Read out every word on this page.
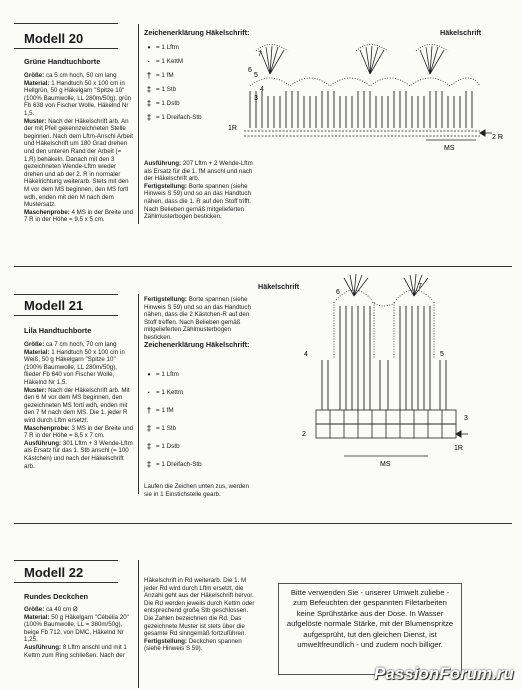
Modell 20
Grüne Handtuchborte
Größe: ca 5 cm hoch, 50 cm lang
Material: 1 Handtuch 50 x 100 cm in Hellgrün, 50 g Häkelgarn "Spitze 10" (100% Baumwolle, LL 280m/50g), grün Fb 638 von Fischer Wolle, Häkelnd Nr 1,5.
Muster: Nach der Häkelschrift arb. An der mit Pfeil gekennzeichneten Stelle beginnen. Nach dem Lftm-Anschl Arbeit und Häkelschrift um 180 Grad drehen und den unteren Rand der Arbeit (= 1.R) behäkeln. Danach mit den 3 gezeichneten Wende-Lftm wieder drehen und ab der 2. R in normaler Häkelrichtung weiterarb. Stets mit den M vor dem MS beginnen, den MS fortl wdh, enden mit den M nach dem Mustersatz.
Maschenprobe: 4 MS in der Breite und 7 R in der Höhe = 9,5 x 5 cm.
Zeichenerklärung Häkelschrift:
• = 1 Lftm
· = 1 KettM
† = 1 fM
‡ = 1 Stb
‡ = 1 Dstb
‡ = 1 Dreifach-Stb
Ausführung: 207 Lftm + 2 Wende-Lftm als Ersatz für die 1. fM anschl und nach der Häkelschrift arb.
Fertigstellung: Borte spannen (siehe Hinweis S 59) und so an das Handtuch nähen, dass die 1. R auf den Stoff trifft. Nach Belieben gemäß mitgelieferten Zählmusterbogen besticken.
Häkelschrift
7
6
5
4
3
2 R
1R
MS
Modell 21
Lila Handtuchborte
Größe: ca 7 cm hoch, 70 cm lang
Material: 1 Handtuch 50 x 100 cm in Weiß, 50 g Häkelgarn "Spitze 10" (100% Baumwolle, LL 280m/50g), flieder Fb 640 von Fischer Wolle, Häkelnd Nr 1,5.
Muster: Nach der Häkelschrift arb. Mit den 6 M vor dem MS beginnen, den gezeichneten MS fortl wdh, enden mit den 7 M nach dem MS. Die 1. jeder R wird durch Lftm ersetzt.
Maschenprobe: 3 MS in der Breite und 7 R in der Höhe = 8,5 x 7 cm.
Ausführung: 301 Lftm + 3 Wende-Lftm als Ersatz für das 1. Stb anschl (= 100 Kästchen) und nach der Häkelschrift arb.
Fertigstellung: Borte spannen (siehe Hinweis S 59) und so an das Handtuch nähen, dass die 2 Kästchen-R auf den Stoff treffen. Nach Belieben gemäß mitgelieferten Zählmusterbogen besticken.
Zeichenerklärung Häkelschrift:
• = 1 Lftm
· = 1 Kettm
† = 1 fM
‡ = 1 Stb
‡ = 1 Dstb
‡ = 1 Dreifach-Stb
Laufen die Zeichen unten zus, werden sie in 1 Einstichstelle gearb.
Häkelschrift
6
7
5
4
3
2
1R
MS
Modell 22
Rundes Deckchen
Größe: ca 40 cm Ø
Material: 50 g Häkelgarn "Cébélia 20" (100% Baumwolle, LL = 380m/50g), beige Fb 712, von DMC, Häkelnd Nr 1,25.
Ausführung: 8 Lftm anschl und mit 1 Kettm zum Ring schließen. Nach der
Häkelschrift in Rd weiterarb. Die 1. M jeder Rd wird durch Lftm ersetzt, die Anzahl geht aus der Häkelschrift hervor. Die Rd werden jeweils durch Kettm oder entsprechend große Stb geschlossen. Die Zahlen bezeichnen die Rd. Das gezeichnete Muster ist stets über die gesamte Rd sinngemäß fortzuführen.
Fertigstellung: Deckchen spannen (siehe Hinweis S 59).
Bitte verwenden Sie - unserer Umwelt zuliebe - zum Befeuchten der gespannten Filetarbeiten keine Sprühstärke aus der Dose. In Wasser aufgelöste normale Stärke, mit der Blumenspritze aufgesprüht, tut den gleichen Dienst, ist umweltfreundlich - und zudem noch billiger.
PassionForum.ru
